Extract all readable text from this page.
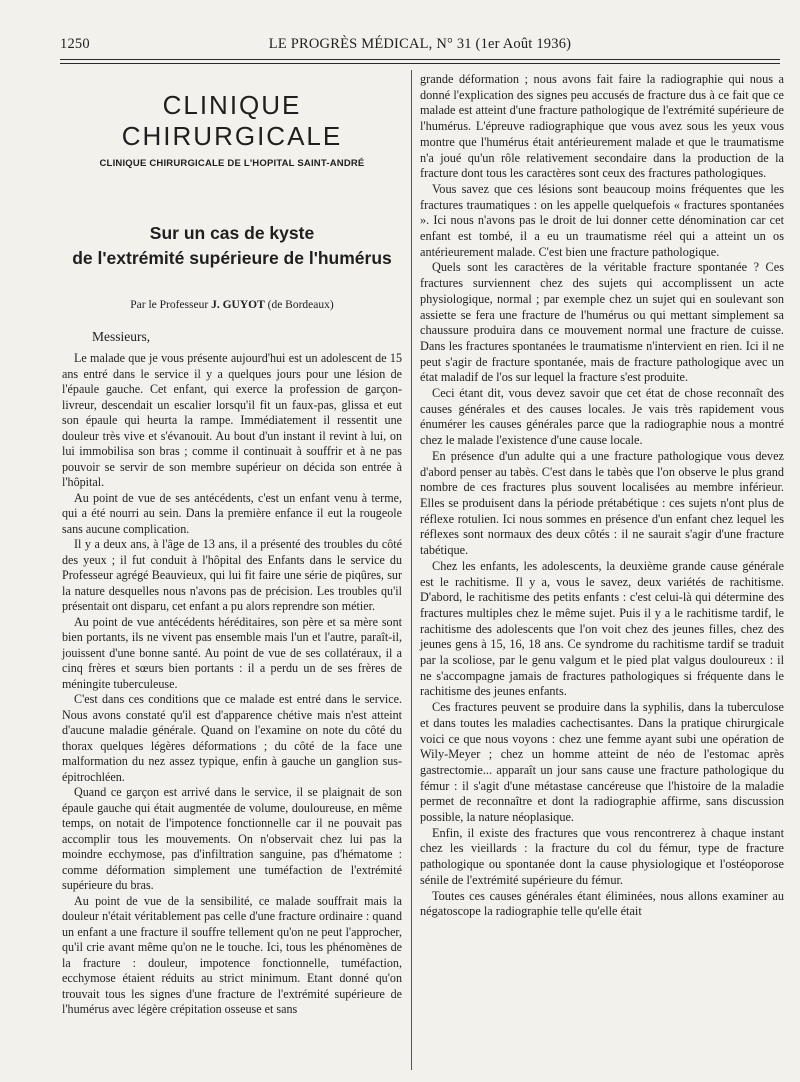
1250	LE PROGRÈS MÉDICAL, N° 31 (1er Août 1936)
CLINIQUE CHIRURGICALE
CLINIQUE CHIRURGICALE DE L'HOPITAL SAINT-ANDRÉ
Sur un cas de kyste
de l'extrémité supérieure de l'humérus
Par le Professeur J. GUYOT (de Bordeaux)
Messieurs,

Le malade que je vous présente aujourd'hui est un adolescent de 15 ans entré dans le service il y a quelques jours pour une lésion de l'épaule gauche. Cet enfant, qui exerce la profession de garçon-livreur, descendait un escalier lorsqu'il fit un faux-pas, glissa et eut son épaule qui heurta la rampe. Immédiatement il ressentit une douleur très vive et s'évanouit. Au bout d'un instant il revint à lui, on lui immobilisa son bras ; comme il continuait à souffrir et à ne pas pouvoir se servir de son membre supérieur on décida son entrée à l'hôpital.

Au point de vue de ses antécédents, c'est un enfant venu à terme, qui a été nourri au sein. Dans la première enfance il eut la rougeole sans aucune complication.

Il y a deux ans, à l'âge de 13 ans, il a présenté des troubles du côté des yeux ; il fut conduit à l'hôpital des Enfants dans le service du Professeur agrégé Beauvieux, qui lui fit faire une série de piqûres, sur la nature desquelles nous n'avons pas de précision. Les troubles qu'il présentait ont disparu, cet enfant a pu alors reprendre son métier.

Au point de vue antécédents héréditaires, son père et sa mère sont bien portants, ils ne vivent pas ensemble mais l'un et l'autre, paraît-il, jouissent d'une bonne santé. Au point de vue de ses collatéraux, il a cinq frères et sœurs bien portants : il a perdu un de ses frères de méningite tuberculeuse.

C'est dans ces conditions que ce malade est entré dans le service. Nous avons constaté qu'il est d'apparence chétive mais n'est atteint d'aucune maladie générale. Quand on l'examine on note du côté du thorax quelques légères déformations ; du côté de la face une malformation du nez assez typique, enfin à gauche un ganglion sus-épitrochléen.

Quand ce garçon est arrivé dans le service, il se plaignait de son épaule gauche qui était augmentée de volume, douloureuse, en même temps, on notait de l'impotence fonctionnelle car il ne pouvait pas accomplir tous les mouvements. On n'observait chez lui pas la moindre ecchymose, pas d'infiltration sanguine, pas d'hématome : comme déformation simplement une tuméfaction de l'extrémité supérieure du bras.

Au point de vue de la sensibilité, ce malade souffrait mais la douleur n'était véritablement pas celle d'une fracture ordinaire : quand un enfant a une fracture il souffre tellement qu'on ne peut l'approcher, qu'il crie avant même qu'on ne le touche. Ici, tous les phénomènes de la fracture : douleur, impotence fonctionnelle, tuméfaction, ecchymose étaient réduits au strict minimum. Etant donné qu'on trouvait tous les signes d'une fracture de l'extrémité supérieure de l'humérus avec légère crépitation osseuse et sans

grande déformation ; nous avons fait faire la radiographie qui nous a donné l'explication des signes peu accusés de fracture dus à ce fait que ce malade est atteint d'une fracture pathologique de l'extrémité supérieure de l'humérus. L'épreuve radiographique que vous avez sous les yeux vous montre que l'humérus était antérieurement malade et que le traumatisme n'a joué qu'un rôle relativement secondaire dans la production de la fracture dont tous les caractères sont ceux des fractures pathologiques.

Vous savez que ces lésions sont beaucoup moins fréquentes que les fractures traumatiques : on les appelle quelquefois « fractures spontanées ». Ici nous n'avons pas le droit de lui donner cette dénomination car cet enfant est tombé, il a eu un traumatisme réel qui a atteint un os antérieurement malade. C'est bien une fracture pathologique.

Quels sont les caractères de la véritable fracture spontanée ? Ces fractures surviennent chez des sujets qui accomplissent un acte physiologique, normal ; par exemple chez un sujet qui en soulevant son assiette se fera une fracture de l'humérus ou qui mettant simplement sa chaussure produira dans ce mouvement normal une fracture de cuisse. Dans les fractures spontanées le traumatisme n'intervient en rien. Ici il ne peut s'agir de fracture spontanée, mais de fracture pathologique avec un état maladif de l'os sur lequel la fracture s'est produite.

Ceci étant dit, vous devez savoir que cet état de chose reconnaît des causes générales et des causes locales. Je vais très rapidement vous énumérer les causes générales parce que la radiographie nous a montré chez le malade l'existence d'une cause locale.

En présence d'un adulte qui a une fracture pathologique vous devez d'abord penser au tabès. C'est dans le tabès que l'on observe le plus grand nombre de ces fractures plus souvent localisées au membre inférieur. Elles se produisent dans la période prétabétique : ces sujets n'ont plus de réflexe rotulien. Ici nous sommes en présence d'un enfant chez lequel les réflexes sont normaux des deux côtés : il ne saurait s'agir d'une fracture tabétique.

Chez les enfants, les adolescents, la deuxième grande cause générale est le rachitisme. Il y a, vous le savez, deux variétés de rachitisme. D'abord, le rachitisme des petits enfants : c'est celui-là qui détermine des fractures multiples chez le même sujet. Puis il y a le rachitisme tardif, le rachitisme des adolescents que l'on voit chez des jeunes filles, chez des jeunes gens à 15, 16, 18 ans. Ce syndrome du rachitisme tardif se traduit par la scoliose, par le genu valgum et le pied plat valgus douloureux : il ne s'accompagne jamais de fractures pathologiques si fréquente dans le rachitisme des jeunes enfants.

Ces fractures peuvent se produire dans la syphilis, dans la tuberculose et dans toutes les maladies cachectisantes. Dans la pratique chirurgicale voici ce que nous voyons : chez une femme ayant subi une opération de Wily-Meyer ; chez un homme atteint de néo de l'estomac après gastrectomie... apparaît un jour sans cause une fracture pathologique du fémur : il s'agit d'une métastase cancéreuse que l'histoire de la maladie permet de reconnaître et dont la radiographie affirme, sans discussion possible, la nature néoplasique.

Enfin, il existe des fractures que vous rencontrerez à chaque instant chez les vieillards : la fracture du col du fémur, type de fracture pathologique ou spontanée dont la cause physiologique et l'ostéoporose sénile de l'extrémité supérieure du fémur.

Toutes ces causes générales étant éliminées, nous allons examiner au négatoscope la radiographie telle qu'elle était
